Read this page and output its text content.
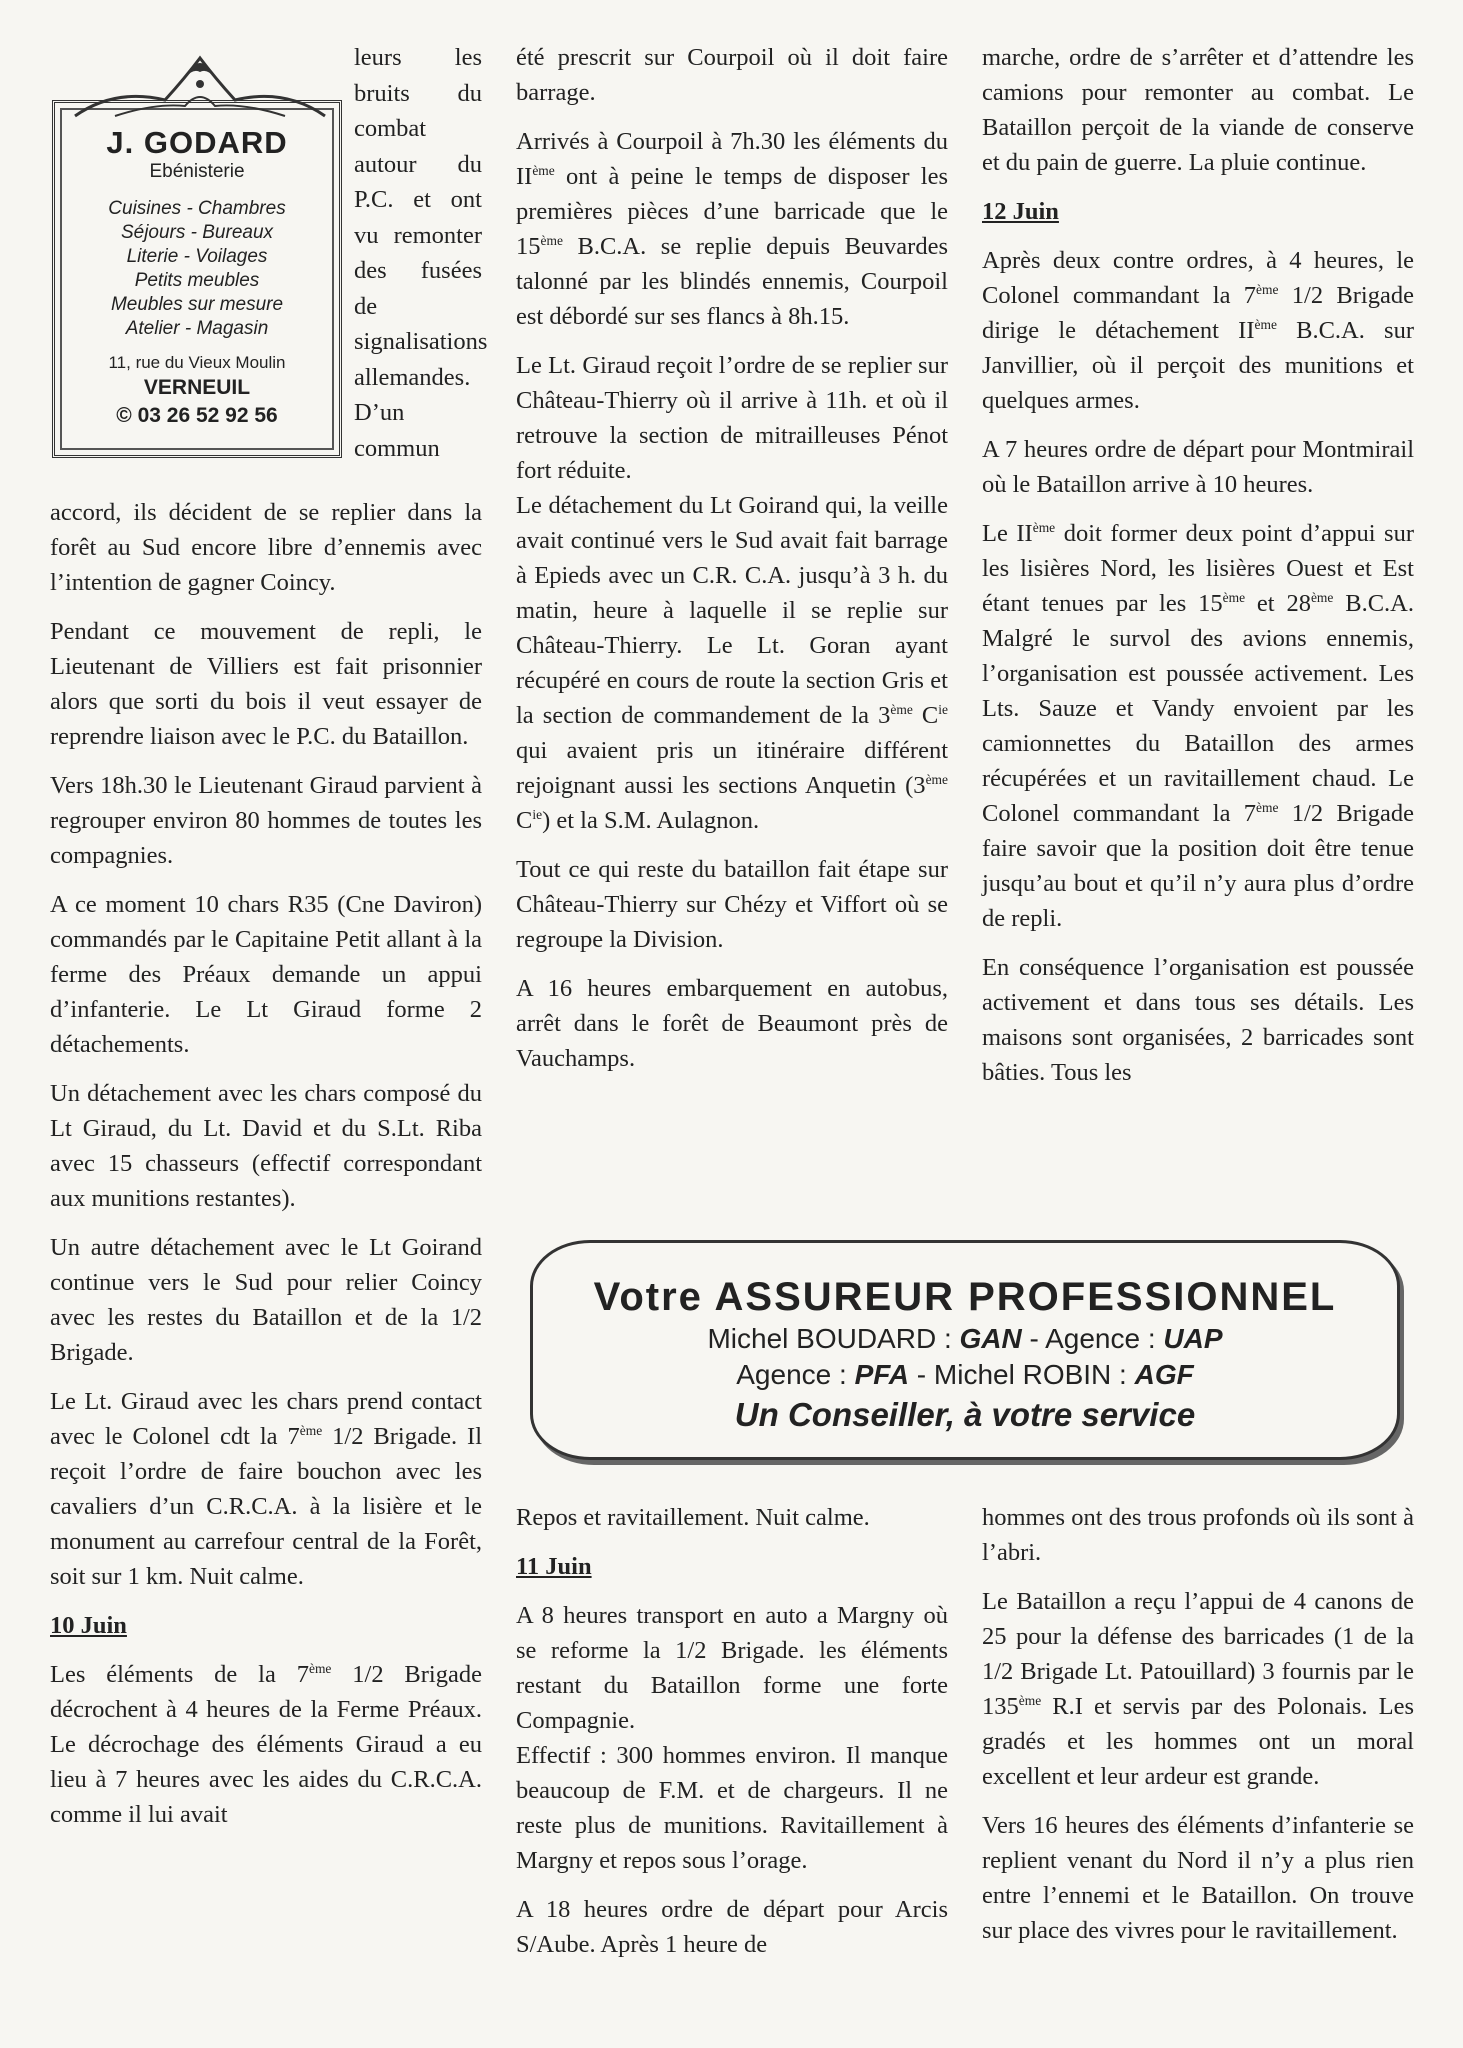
J. GODARD
Ebénisterie
Cuisines - Chambres
Séjours - Bureaux
Literie - Voilages
Petits meubles
Meubles sur mesure
Atelier - Magasin
11, rue du Vieux Moulin
VERNEUIL
© 03 26 52 92 56

leurs les bruits du combat autour du P.C. et ont vu remonter des fusées de signalisations allemandes. D’un commun

accord, ils décident de se replier dans la forêt au Sud encore libre d’ennemis avec l’intention de gagner Coincy.

Pendant ce mouvement de repli, le Lieutenant de Villiers est fait prisonnier alors que sorti du bois il veut essayer de reprendre liaison avec le P.C. du Bataillon.

Vers 18h.30 le Lieutenant Giraud parvient à regrouper environ 80 hommes de toutes les compagnies.

A ce moment 10 chars R35 (Cne Daviron) commandés par le Capitaine Petit allant à la ferme des Préaux demande un appui d’infanterie. Le Lt Giraud forme 2 détachements.

Un détachement avec les chars composé du Lt Giraud, du Lt. David et du S.Lt. Riba avec 15 chasseurs (effectif correspondant aux munitions restantes).

Un autre détachement avec le Lt Goirand continue vers le Sud pour relier Coincy avec les restes du Bataillon et de la 1/2 Brigade.

Le Lt. Giraud avec les chars prend contact avec le Colonel cdt la 7ème 1/2 Brigade. Il reçoit l’ordre de faire bouchon avec les cavaliers d’un C.R.C.A. à la lisière et le monument au carrefour central de la Forêt, soit sur 1 km. Nuit calme.

10 Juin

Les éléments de la 7ème 1/2 Brigade décrochent à 4 heures de la Ferme Préaux. Le décrochage des éléments Giraud a eu lieu à 7 heures avec les aides du C.R.C.A. comme il lui avait

été prescrit sur Courpoil où il doit faire barrage.

Arrivés à Courpoil à 7h.30 les éléments du IIème ont à peine le temps de disposer les premières pièces d’une barricade que le 15ème B.C.A. se replie depuis Beuvardes talonné par les blindés ennemis, Courpoil est débordé sur ses flancs à 8h.15.

Le Lt. Giraud reçoit l’ordre de se replier sur Château-Thierry où il arrive à 11h. et où il retrouve la section de mitrailleuses Pénot fort réduite.

Le détachement du Lt Goirand qui, la veille avait continué vers le Sud avait fait barrage à Epieds avec un C.R. C.A. jusqu’à 3 h. du matin, heure à laquelle il se replie sur Château-Thierry. Le Lt. Goran ayant récupéré en cours de route la section Gris et la section de commandement de la 3ème $C^{ie}$ qui avaient pris un itinéraire différent rejoignant aussi les sections Anquetin (3ème $C^{ie}$) et la S.M. Aulagnon.

Tout ce qui reste du bataillon fait étape sur Château-Thierry sur Chézy et Viffort où se regroupe la Division.

A 16 heures embarquement en autobus, arrêt dans le forêt de Beaumont près de Vauchamps.

marche, ordre de s’arrêter et d’attendre les camions pour remonter au combat. Le Bataillon perçoit de la viande de conserve et du pain de guerre. La pluie continue.

12 Juin

Après deux contre ordres, à 4 heures, le Colonel commandant la 7ème 1/2 Brigade dirige le détachement IIème B.C.A. sur Janvillier, où il perçoit des munitions et quelques armes.

A 7 heures ordre de départ pour Montmirail où le Bataillon arrive à 10 heures.

Le IIème doit former deux point d’appui sur les lisières Nord, les lisières Ouest et Est étant tenues par les 15ème et 28ème B.C.A. Malgré le survol des avions ennemis, l’organisation est poussée activement. Les Lts. Sauze et Vandy envoient par les camionnettes du Bataillon des armes récupérées et un ravitaillement chaud. Le Colonel commandant la 7ème 1/2 Brigade faire savoir que la position doit être tenue jusqu’au bout et qu’il n’y aura plus d’ordre de repli.

En conséquence l’organisation est poussée activement et dans tous ses détails. Les maisons sont organisées, 2 barricades sont bâties. Tous les

Votre ASSUREUR PROFESSIONNEL
Michel BOUDARD : GAN - Agence : UAP
Agence : PFA - Michel ROBIN : AGF
Un Conseiller, à votre service

Repos et ravitaillement. Nuit calme.

11 Juin

A 8 heures transport en auto a Margny où se reforme la 1/2 Brigade. les éléments restant du Bataillon forme une forte Compagnie.

Effectif : 300 hommes environ. Il manque beaucoup de F.M. et de chargeurs. Il ne reste plus de munitions. Ravitaillement à Margny et repos sous l’orage.

A 18 heures ordre de départ pour Arcis S/Aube. Après 1 heure de

hommes ont des trous profonds où ils sont à l’abri.

Le Bataillon a reçu l’appui de 4 canons de 25 pour la défense des barricades (1 de la 1/2 Brigade Lt. Patouillard) 3 fournis par le 135ème R.I et servis par des Polonais. Les gradés et les hommes ont un moral excellent et leur ardeur est grande.

Vers 16 heures des éléments d’infanterie se replient venant du Nord il n’y a plus rien entre l’ennemi et le Bataillon. On trouve sur place des vivres pour le ravitaillement.
